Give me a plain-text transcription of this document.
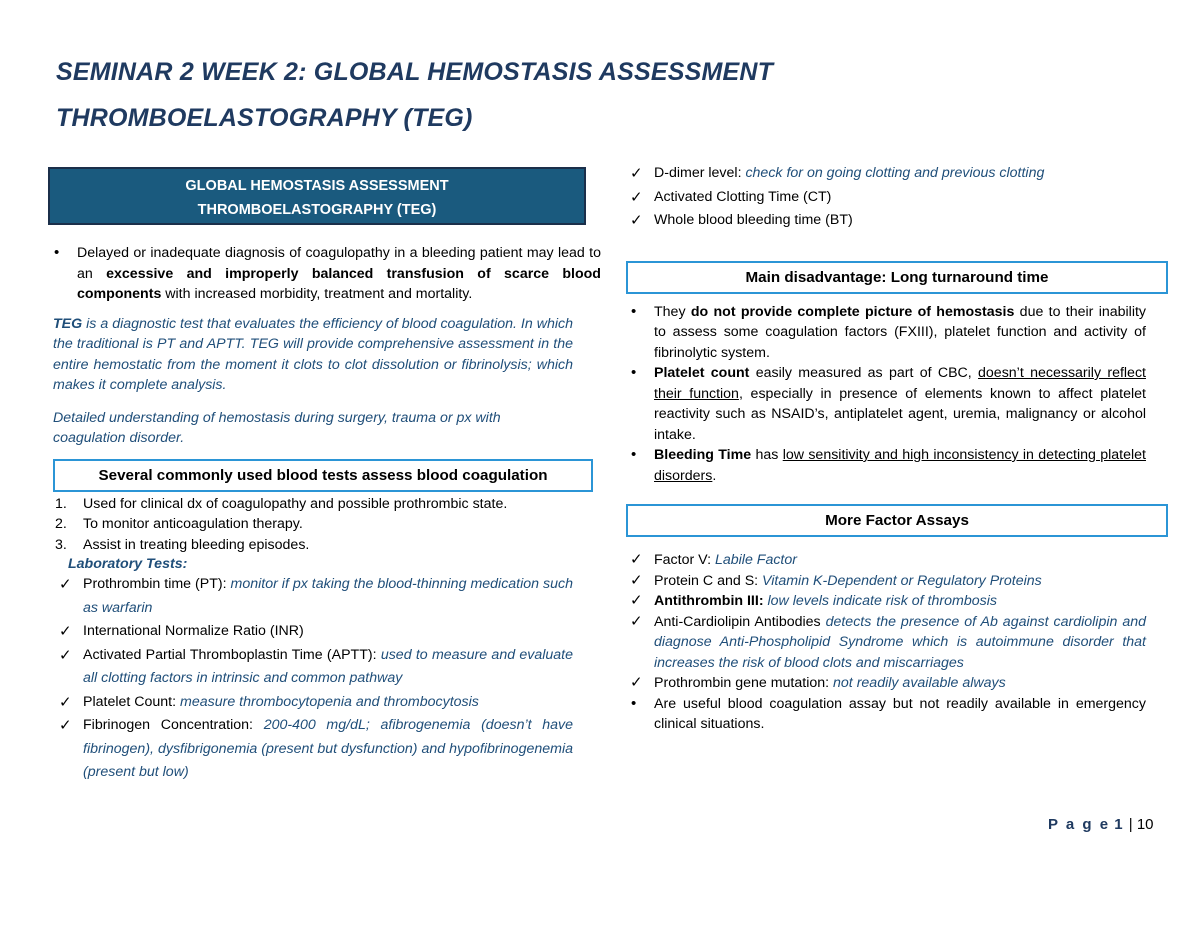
SEMINAR 2 WEEK 2: GLOBAL HEMOSTASIS ASSESSMENT
THROMBOELASTOGRAPHY (TEG)
GLOBAL HEMOSTASIS ASSESSMENT
THROMBOELASTOGRAPHY (TEG)
• Delayed or inadequate diagnosis of coagulopathy in a bleeding patient may lead to an excessive and improperly balanced transfusion of scarce blood components with increased morbidity, treatment and mortality.
TEG is a diagnostic test that evaluates the efficiency of blood coagulation. In which the traditional is PT and APTT. TEG will provide comprehensive assessment in the entire hemostatic from the moment it clots to clot dissolution or fibrinolysis; which makes it complete analysis.
Detailed understanding of hemostasis during surgery, trauma or px with coagulation disorder.
Several commonly used blood tests assess blood coagulation
1. Used for clinical dx of coagulopathy and possible prothrombic state.
2. To monitor anticoagulation therapy.
3. Assist in treating bleeding episodes.
Laboratory Tests:
✓ Prothrombin time (PT): monitor if px taking the blood-thinning medication such as warfarin
✓ International Normalize Ratio (INR)
✓ Activated Partial Thromboplastin Time (APTT): used to measure and evaluate all clotting factors in intrinsic and common pathway
✓ Platelet Count: measure thrombocytopenia and thrombocytosis
✓ Fibrinogen Concentration: 200-400 mg/dL; afibrogenemia (doesn’t have fibrinogen), dysfibrigonemia (present but dysfunction) and hypofibrinogenemia (present but low)
✓ D-dimer level: check for on going clotting and previous clotting
✓ Activated Clotting Time (CT)
✓ Whole blood bleeding time (BT)
Main disadvantage: Long turnaround time
• They do not provide complete picture of hemostasis due to their inability to assess some coagulation factors (FXIII), platelet function and activity of fibrinolytic system.
• Platelet count easily measured as part of CBC, doesn’t necessarily reflect their function, especially in presence of elements known to affect platelet reactivity such as NSAID’s, antiplatelet agent, uremia, malignancy or alcohol intake.
• Bleeding Time has low sensitivity and high inconsistency in detecting platelet disorders.
More Factor Assays
✓ Factor V: Labile Factor
✓ Protein C and S: Vitamin K-Dependent or Regulatory Proteins
✓ Antithrombin III: low levels indicate risk of thrombosis
✓ Anti-Cardiolipin Antibodies detects the presence of Ab against cardiolipin and diagnose Anti-Phospholipid Syndrome which is autoimmune disorder that increases the risk of blood clots and miscarriages
✓ Prothrombin gene mutation: not readily available always
• Are useful blood coagulation assay but not readily available in emergency clinical situations.
P a g e 1 | 10
